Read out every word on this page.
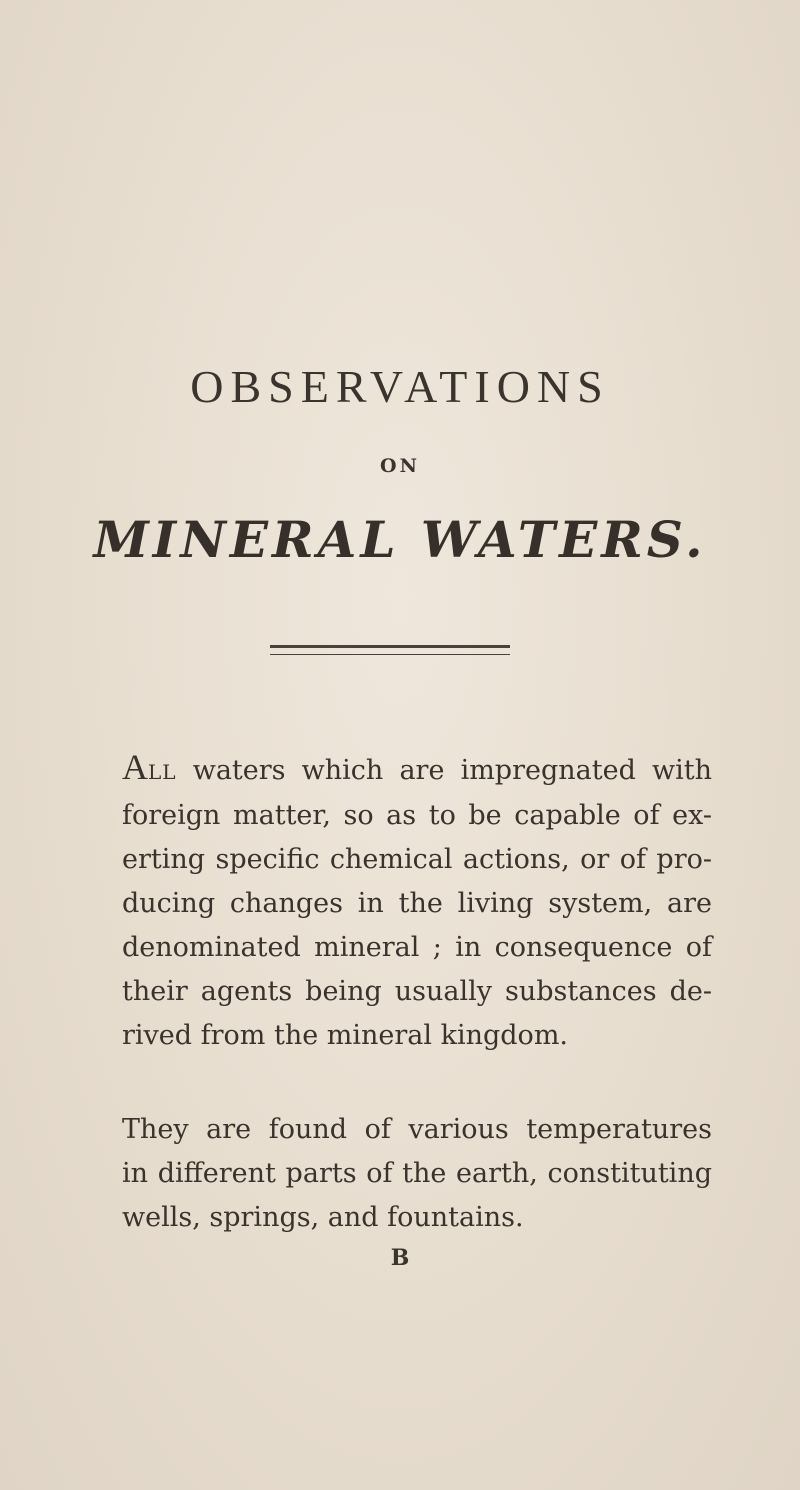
OBSERVATIONS
ON
MINERAL WATERS.
ALL waters which are impregnated with
foreign matter, so as to be capable of ex-
erting specific chemical actions, or of pro-
ducing changes in the living system, are
denominated mineral ; in consequence of
their agents being usually substances de-
rived from the mineral kingdom.
They are found of various temperatures
in different parts of the earth, constituting
wells, springs, and fountains.
B
